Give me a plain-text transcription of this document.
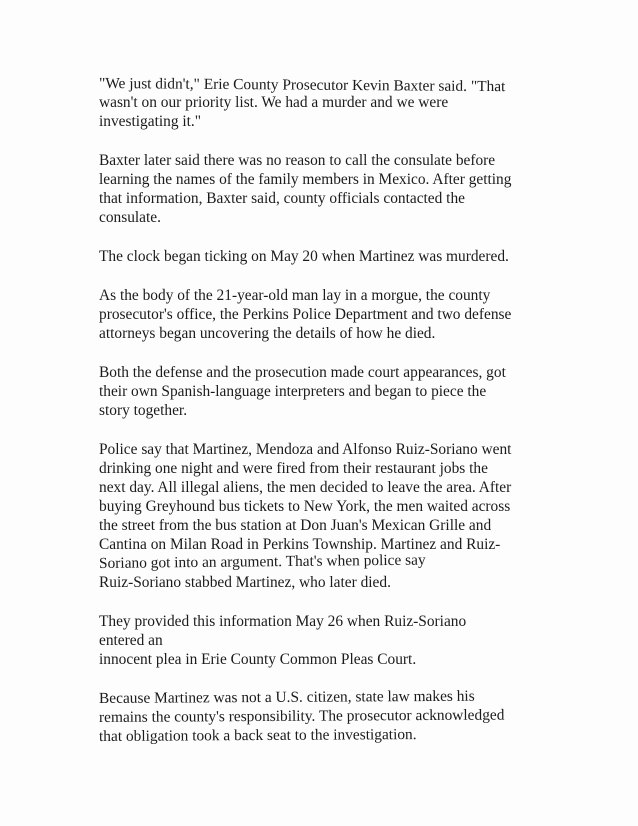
"We just didn't," Erie County Prosecutor Kevin Baxter said. "That
wasn't on our priority list. We had a murder and we were
investigating it."

Baxter later said there was no reason to call the consulate before
learning the names of the family members in Mexico. After getting
that information, Baxter said, county officials contacted the
consulate.

The clock began ticking on May 20 when Martinez was murdered.

As the body of the 21-year-old man lay in a morgue, the county
prosecutor's office, the Perkins Police Department and two defense
attorneys began uncovering the details of how he died.

Both the defense and the prosecution made court appearances, got
their own Spanish-language interpreters and began to piece the
story together.

Police say that Martinez, Mendoza and Alfonso Ruiz-Soriano went
drinking one night and were fired from their restaurant jobs the
next day. All illegal aliens, the men decided to leave the area. After
buying Greyhound bus tickets to New York, the men waited across
the street from the bus station at Don Juan's Mexican Grille and
Cantina on Milan Road in Perkins Township. Martinez and Ruiz-
Soriano got into an argument. That's when police say
Ruiz-Soriano stabbed Martinez, who later died.

They provided this information May 26 when Ruiz-Soriano
entered an
innocent plea in Erie County Common Pleas Court.

Because Martinez was not a U.S. citizen, state law makes his
remains the county's responsibility. The prosecutor acknowledged
that obligation took a back seat to the investigation.
